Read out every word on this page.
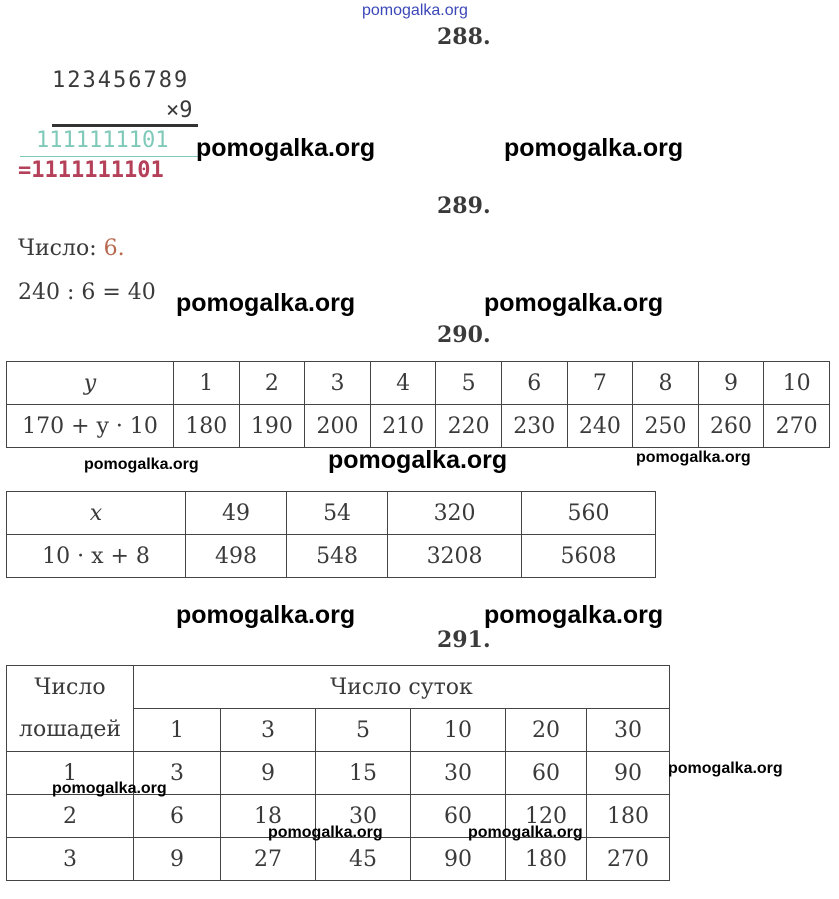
pomogalka.org
288.
123456789
×9
1111111101
=1111111101
pomogalka.org	pomogalka.org
289.
Число: 6.
240 : 6 = 40 pomogalka.org	pomogalka.org
290.
y	1	2	3	4	5	6	7	8	9	10
170 + y · 10	180	190	200	210	220	230	240	250	260	270
pomogalka.org	pomogalka.org	pomogalka.org
x	49	54	320	560
10 · x + 8	498	548	3208	5608
pomogalka.org	pomogalka.org
291.
Число	Число суток					
лошадей	1	3	5	10	20	30
1	3	9	15	30	60	90
2	6	18	30	60	120	180
3	9	27	45	90	180	270
pomogalka.org
pomogalka.org
pomogalka.org	pomogalka.org
